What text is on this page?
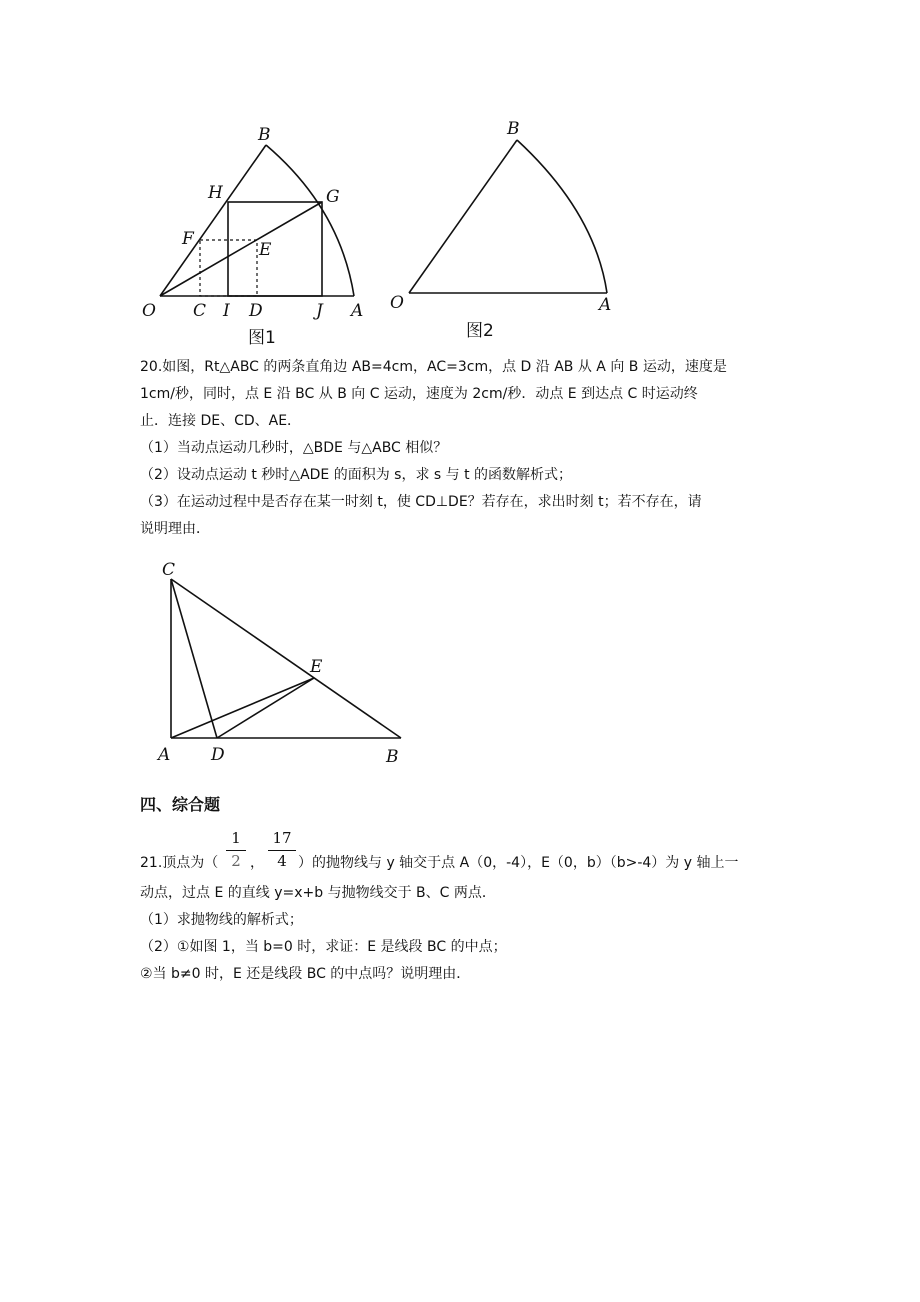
B
H	G
F
E
O C I D	J A
图1
B
O	A
图2
20.如图，Rt△ABC 的两条直角边 AB=4cm，AC=3cm，点 D 沿 AB 从 A 向 B 运动，速度是
1cm/秒，同时，点 E 沿 BC 从 B 向 C 运动，速度为 2cm/秒．动点 E 到达点 C 时运动终
止．连接 DE、CD、AE．
（1）当动点运动几秒时，△BDE 与△ABC 相似？
（2）设动点运动 t 秒时△ADE 的面积为 s，求 s 与 t 的函数解析式；
（3）在运动过程中是否存在某一时刻 t，使 CD⊥DE？若存在，求出时刻 t；若不存在，请
说明理由．
C
E
A D	B
四、综合题
1
2
17
4
21.顶点为（ ， ）的抛物线与 y 轴交于点 A（0，-4），E（0，b）（b>-4）为 y 轴上一
动点，过点 E 的直线 y=x+b 与抛物线交于 B、C 两点．
（1）求抛物线的解析式；
（2）①如图 1，当 b=0 时，求证：E 是线段 BC 的中点；
②当 b≠0 时，E 还是线段 BC 的中点吗？说明理由．
